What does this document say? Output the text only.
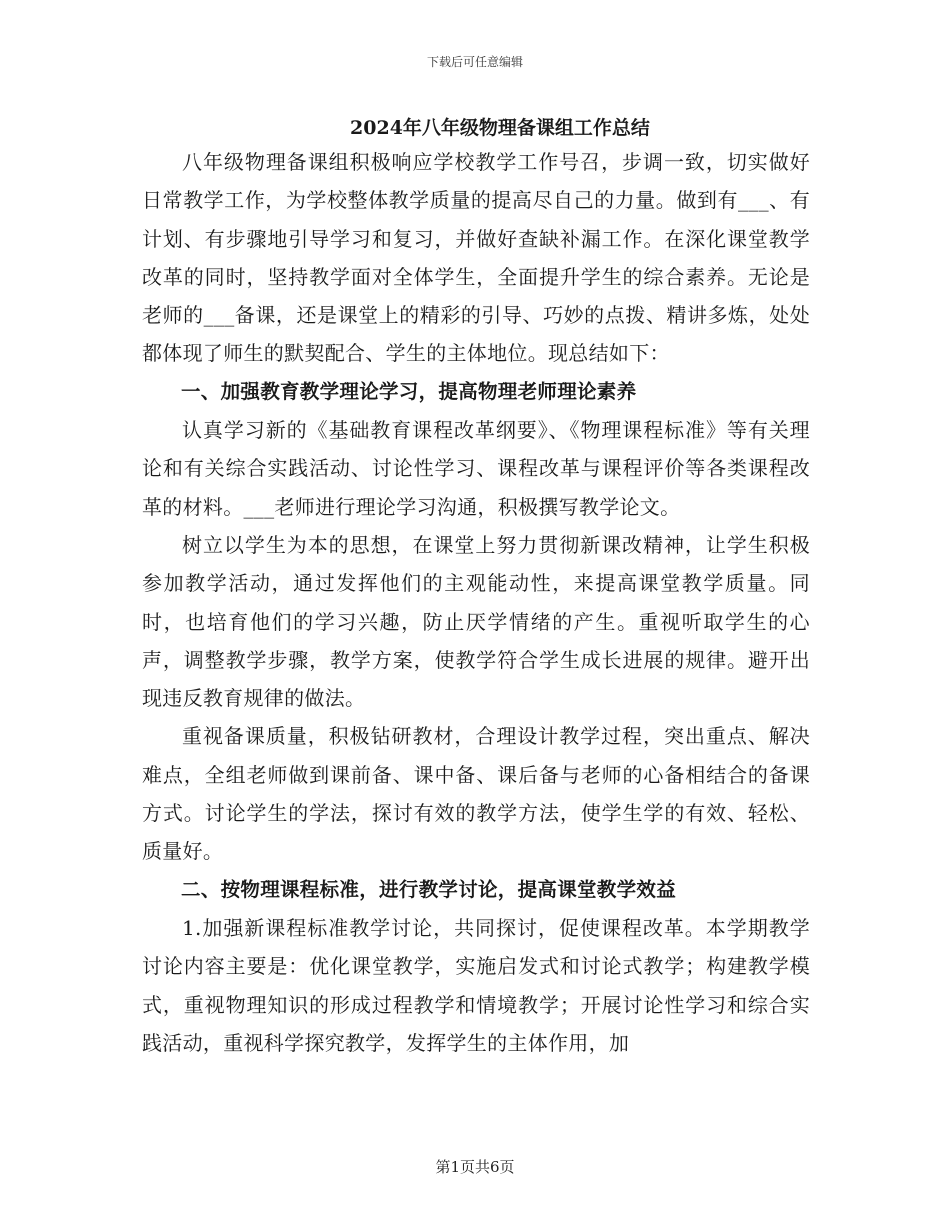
下载后可任意编辑
2024年八年级物理备课组工作总结

八年级物理备课组积极响应学校教学工作号召，步调一致，切实做好日常教学工作，为学校整体教学质量的提高尽自己的力量。做到有___、有计划、有步骤地引导学习和复习，并做好查缺补漏工作。在深化课堂教学改革的同时，坚持教学面对全体学生，全面提升学生的综合素养。无论是老师的___备课，还是课堂上的精彩的引导、巧妙的点拨、精讲多炼，处处都体现了师生的默契配合、学生的主体地位。现总结如下：

一、加强教育教学理论学习，提高物理老师理论素养

认真学习新的《基础教育课程改革纲要》、《物理课程标准》等有关理论和有关综合实践活动、讨论性学习、课程改革与课程评价等各类课程改革的材料。___老师进行理论学习沟通，积极撰写教学论文。

树立以学生为本的思想，在课堂上努力贯彻新课改精神，让学生积极参加教学活动，通过发挥他们的主观能动性，来提高课堂教学质量。同时，也培育他们的学习兴趣，防止厌学情绪的产生。重视听取学生的心声，调整教学步骤，教学方案，使教学符合学生成长进展的规律。避开出现违反教育规律的做法。

重视备课质量，积极钻研教材，合理设计教学过程，突出重点、解决难点，全组老师做到课前备、课中备、课后备与老师的心备相结合的备课方式。讨论学生的学法，探讨有效的教学方法，使学生学的有效、轻松、质量好。

二、按物理课程标准，进行教学讨论，提高课堂教学效益

1.加强新课程标准教学讨论，共同探讨，促使课程改革。本学期教学讨论内容主要是：优化课堂教学，实施启发式和讨论式教学；构建教学模式，重视物理知识的形成过程教学和情境教学；开展讨论性学习和综合实践活动，重视科学探究教学，发挥学生的主体作用，加

第1页共6页
